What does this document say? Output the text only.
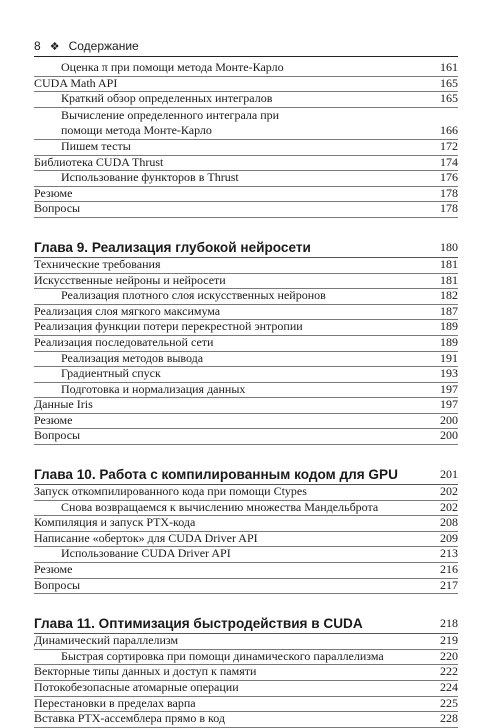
8 ❖ Содержание
Оценка π при помощи метода Монте-Карло	161
CUDA Math API	165
Краткий обзор определенных интегралов	165
Вычисление определенного интеграла при помощи метода Монте-Карло	166
Пишем тесты	172
Библиотека CUDA Thrust	174
Использование функторов в Thrust	176
Резюме	178
Вопросы	178
Глава 9. Реализация глубокой нейросети	180
Технические требования	181
Искусственные нейроны и нейросети	181
Реализация плотного слоя искусственных нейронов	182
Реализация слоя мягкого максимума	187
Реализация функции потери перекрестной энтропии	189
Реализация последовательной сети	189
Реализация методов вывода	191
Градиентный спуск	193
Подготовка и нормализация данных	197
Данные Iris	197
Резюме	200
Вопросы	200
Глава 10. Работа с компилированным кодом для GPU	201
Запуск откомпилированного кода при помощи Ctypes	202
Снова возвращаемся к вычислению множества Мандельброта	202
Компиляция и запуск PTX-кода	208
Написание «оберток» для CUDA Driver API	209
Использование CUDA Driver API	213
Резюме	216
Вопросы	217
Глава 11. Оптимизация быстродействия в CUDA	218
Динамический параллелизм	219
Быстрая сортировка при помощи динамического параллелизма	220
Векторные типы данных и доступ к памяти	222
Потокобезопасные атомарные операции	224
Перестановки в пределах варпа	225
Вставка PTX-ассемблера прямо в код	228
